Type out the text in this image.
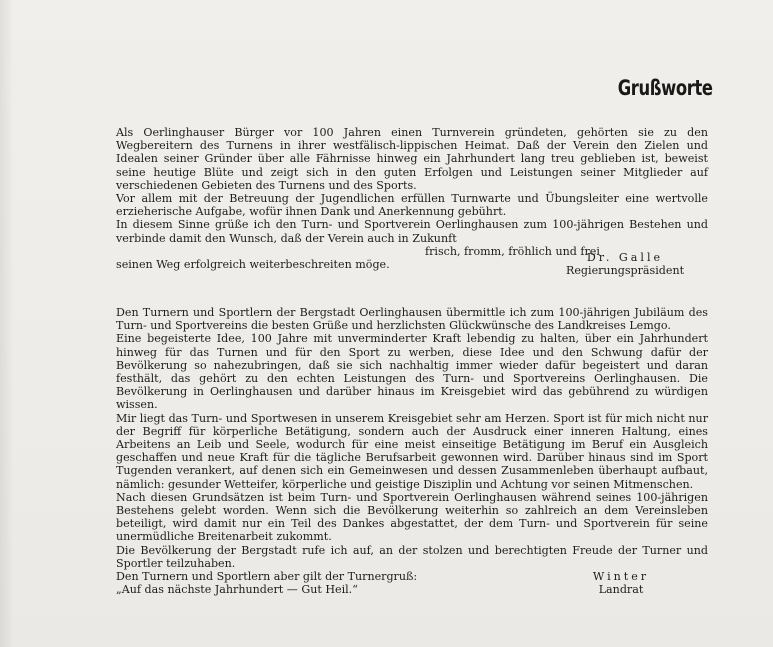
Grußworte

Als Oerlinghauser Bürger vor 100 Jahren einen Turnverein gründeten, gehörten sie zu den Wegbereitern des Turnens in ihrer westfälisch-lippischen Heimat. Daß der Verein den Zielen und Idealen seiner Gründer über alle Fährnisse hinweg ein Jahrhundert lang treu geblieben ist, beweist seine heutige Blüte und zeigt sich in den guten Erfolgen und Leistungen seiner Mitglieder auf verschiedenen Gebieten des Turnens und des Sports.

Vor allem mit der Betreuung der Jugendlichen erfüllen Turnwarte und Übungsleiter eine wertvolle erzieherische Aufgabe, wofür ihnen Dank und Anerkennung gebührt.

In diesem Sinne grüße ich den Turn- und Sportverein Oerlinghausen zum 100-jährigen Bestehen und verbinde damit den Wunsch, daß der Verein auch in Zukunft

frisch, fromm, fröhlich und frei

seinen Weg erfolgreich weiterbeschreiten möge.

Dr. Galle
Regierungspräsident

Den Turnern und Sportlern der Bergstadt Oerlinghausen übermittle ich zum 100-jährigen Jubiläum des Turn- und Sportvereins die besten Grüße und herzlichsten Glückwünsche des Landkreises Lemgo.

Eine begeisterte Idee, 100 Jahre mit unverminderter Kraft lebendig zu halten, über ein Jahrhundert hinweg für das Turnen und für den Sport zu werben, diese Idee und den Schwung dafür der Bevölkerung so nahezubringen, daß sie sich nachhaltig immer wieder dafür begeistert und daran festhält, das gehört zu den echten Leistungen des Turn- und Sportvereins Oerlinghausen. Die Bevölkerung in Oerlinghausen und darüber hinaus im Kreisgebiet wird das gebührend zu würdigen wissen.

Mir liegt das Turn- und Sportwesen in unserem Kreisgebiet sehr am Herzen. Sport ist für mich nicht nur der Begriff für körperliche Betätigung, sondern auch der Ausdruck einer inneren Haltung, eines Arbeitens an Leib und Seele, wodurch für eine meist einseitige Betätigung im Beruf ein Ausgleich geschaffen und neue Kraft für die tägliche Berufsarbeit gewonnen wird. Darüber hinaus sind im Sport Tugenden verankert, auf denen sich ein Gemeinwesen und dessen Zusammenleben überhaupt aufbaut, nämlich: gesunder Wetteifer, körperliche und geistige Disziplin und Achtung vor seinen Mitmenschen.

Nach diesen Grundsätzen ist beim Turn- und Sportverein Oerlinghausen während seines 100-jährigen Bestehens gelebt worden. Wenn sich die Bevölkerung weiterhin so zahlreich an dem Vereinsleben beteiligt, wird damit nur ein Teil des Dankes abgestattet, der dem Turn- und Sportverein für seine unermüdliche Breitenarbeit zukommt.

Die Bevölkerung der Bergstadt rufe ich auf, an der stolzen und berechtigten Freude der Turner und Sportler teilzuhaben.

Den Turnern und Sportlern aber gilt der Turnergruß:

„Auf das nächste Jahrhundert — Gut Heil.“

Winter
Landrat
